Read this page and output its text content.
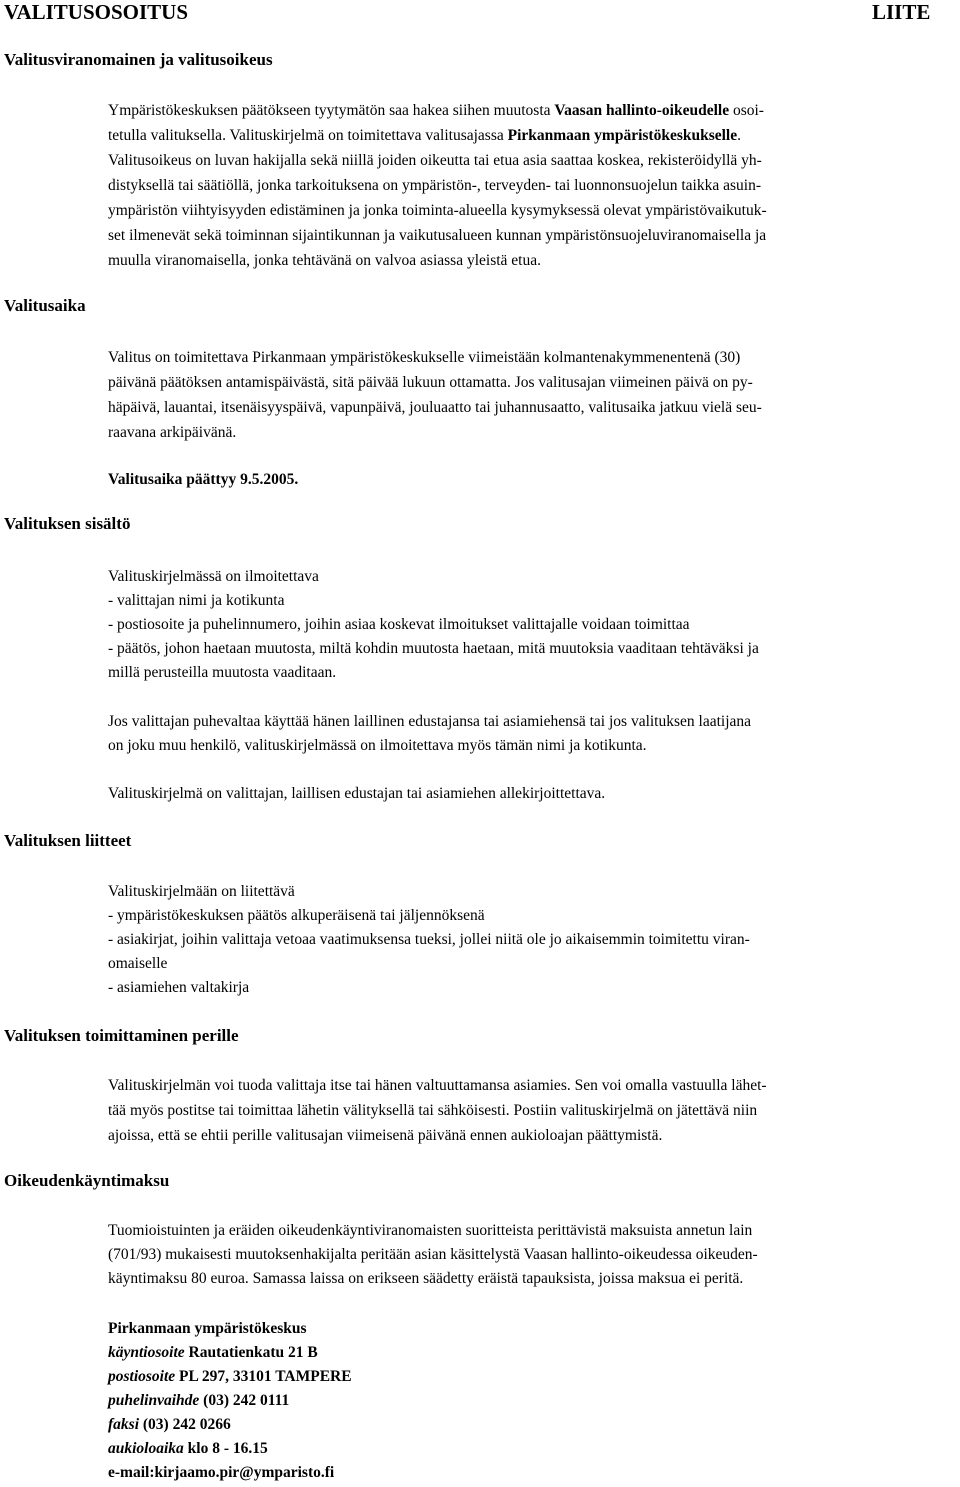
VALITUSOSOITUS	LIITE
Valitusviranomainen ja valitusoikeus
Ympäristökeskuksen päätökseen tyytymätön saa hakea siihen muutosta Vaasan hallinto-oikeudelle osoi-
tetulla valituksella. Valituskirjelmä on toimitettava valitusajassa Pirkanmaan ympäristökeskukselle.
Valitusoikeus on luvan hakijalla sekä niillä joiden oikeutta tai etua asia saattaa koskea, rekisteröidyllä yh-
distyksellä tai säätiöllä, jonka tarkoituksena on ympäristön-, terveyden- tai luonnonsuojelun taikka asuin-
ympäristön viihtyisyyden edistäminen ja jonka toiminta-alueella kysymyksessä olevat ympäristövaikutuk-
set ilmenevät sekä toiminnan sijaintikunnan ja vaikutusalueen kunnan ympäristönsuojeluviranomaisella ja
muulla viranomaisella, jonka tehtävänä on valvoa asiassa yleistä etua.
Valitusaika
Valitus on toimitettava Pirkanmaan ympäristökeskukselle viimeistään kolmantenakymmenentenä (30)
päivänä päätöksen antamispäivästä, sitä päivää lukuun ottamatta. Jos valitusajan viimeinen päivä on py-
häpäivä, lauantai, itsenäisyyspäivä, vapunpäivä, jouluaatto tai juhannusaatto, valitusaika jatkuu vielä seu-
raavana arkipäivänä.
Valitusaika päättyy 9.5.2005.
Valituksen sisältö
Valituskirjelmässä on ilmoitettava
- valittajan nimi ja kotikunta
- postiosoite ja puhelinnumero, joihin asiaa koskevat ilmoitukset valittajalle voidaan toimittaa
- päätös, johon haetaan muutosta, miltä kohdin muutosta haetaan, mitä muutoksia vaaditaan tehtäväksi ja
millä perusteilla muutosta vaaditaan.
Jos valittajan puhevaltaa käyttää hänen laillinen edustajansa tai asiamiehensä tai jos valituksen laatijana
on joku muu henkilö, valituskirjelmässä on ilmoitettava myös tämän nimi ja kotikunta.
Valituskirjelmä on valittajan, laillisen edustajan tai asiamiehen allekirjoittettava.
Valituksen liitteet
Valituskirjelmään on liitettävä
- ympäristökeskuksen päätös alkuperäisenä tai jäljennöksenä
- asiakirjat, joihin valittaja vetoaa vaatimuksensa tueksi, jollei niitä ole jo aikaisemmin toimitettu viran-
omaiselle
- asiamiehen valtakirja
Valituksen toimittaminen perille
Valituskirjelmän voi tuoda valittaja itse tai hänen valtuuttamansa asiamies. Sen voi omalla vastuulla lähet-
tää myös postitse tai toimittaa lähetin välityksellä tai sähköisesti. Postiin valituskirjelmä on jätettävä niin
ajoissa, että se ehtii perille valitusajan viimeisenä päivänä ennen aukioloajan päättymistä.
Oikeudenkäyntimaksu
Tuomioistuinten ja eräiden oikeudenkäyntiviranomaisten suoritteista perittävistä maksuista annetun lain
(701/93) mukaisesti muutoksenhakijalta peritään asian käsittelystä Vaasan hallinto-oikeudessa oikeuden-
käyntimaksu 80 euroa. Samassa laissa on erikseen säädetty eräistä tapauksista, joissa maksua ei peritä.
Pirkanmaan ympäristökeskus
käyntiosoite Rautatienkatu 21 B
postiosoite PL 297, 33101 TAMPERE
puhelinvaihde (03) 242 0111
faksi (03) 242 0266
aukioloaika klo 8 - 16.15
e-mail:kirjaamo.pir@ymparisto.fi
